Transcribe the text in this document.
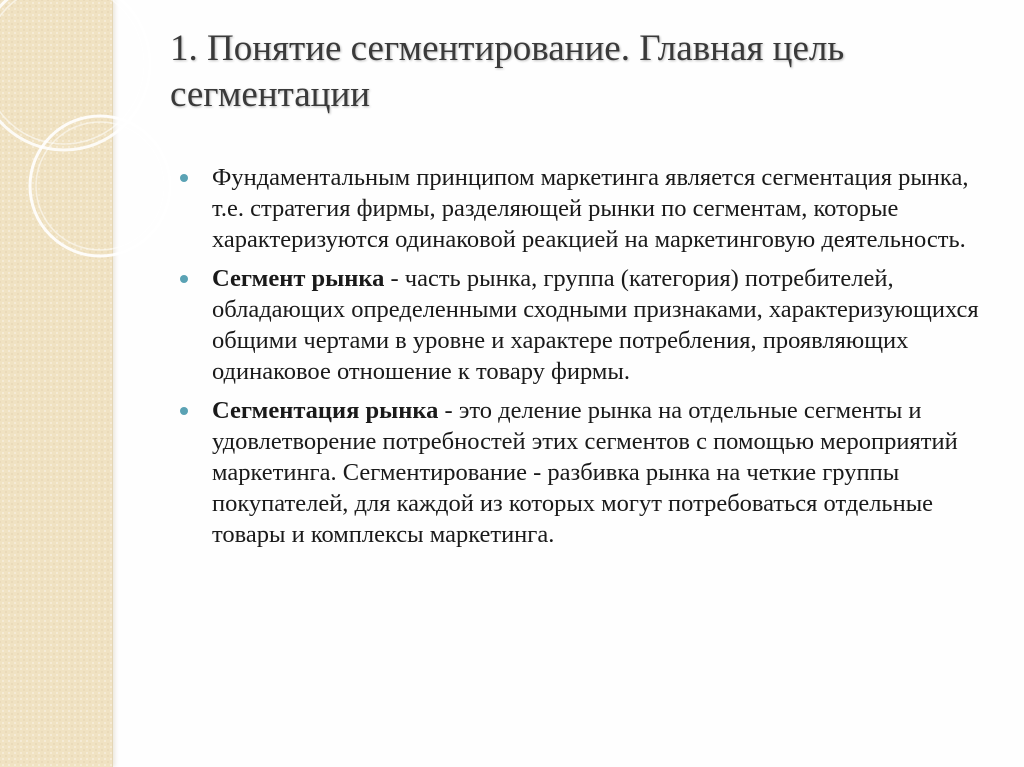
1. Понятие сегментирование. Главная цель сегментации
Фундаментальным принципом маркетинга является сегментация рынка, т.е. стратегия фирмы, разделяющей рынки по сегментам, которые характеризуются одинаковой реакцией на маркетинговую деятельность.
Сегмент рынка - часть рынка, группа (категория) потребителей, обладающих определенными сходными признаками, характеризующихся общими чертами в уровне и характере потребления, проявляющих одинаковое отношение к товару фирмы.
Сегментация рынка - это деление рынка на отдельные сегменты и удовлетворение потребностей этих сегментов с помощью мероприятий маркетинга. Сегментирование - разбивка рынка на четкие группы покупателей, для каждой из которых могут потребоваться отдельные товары и комплексы маркетинга.
